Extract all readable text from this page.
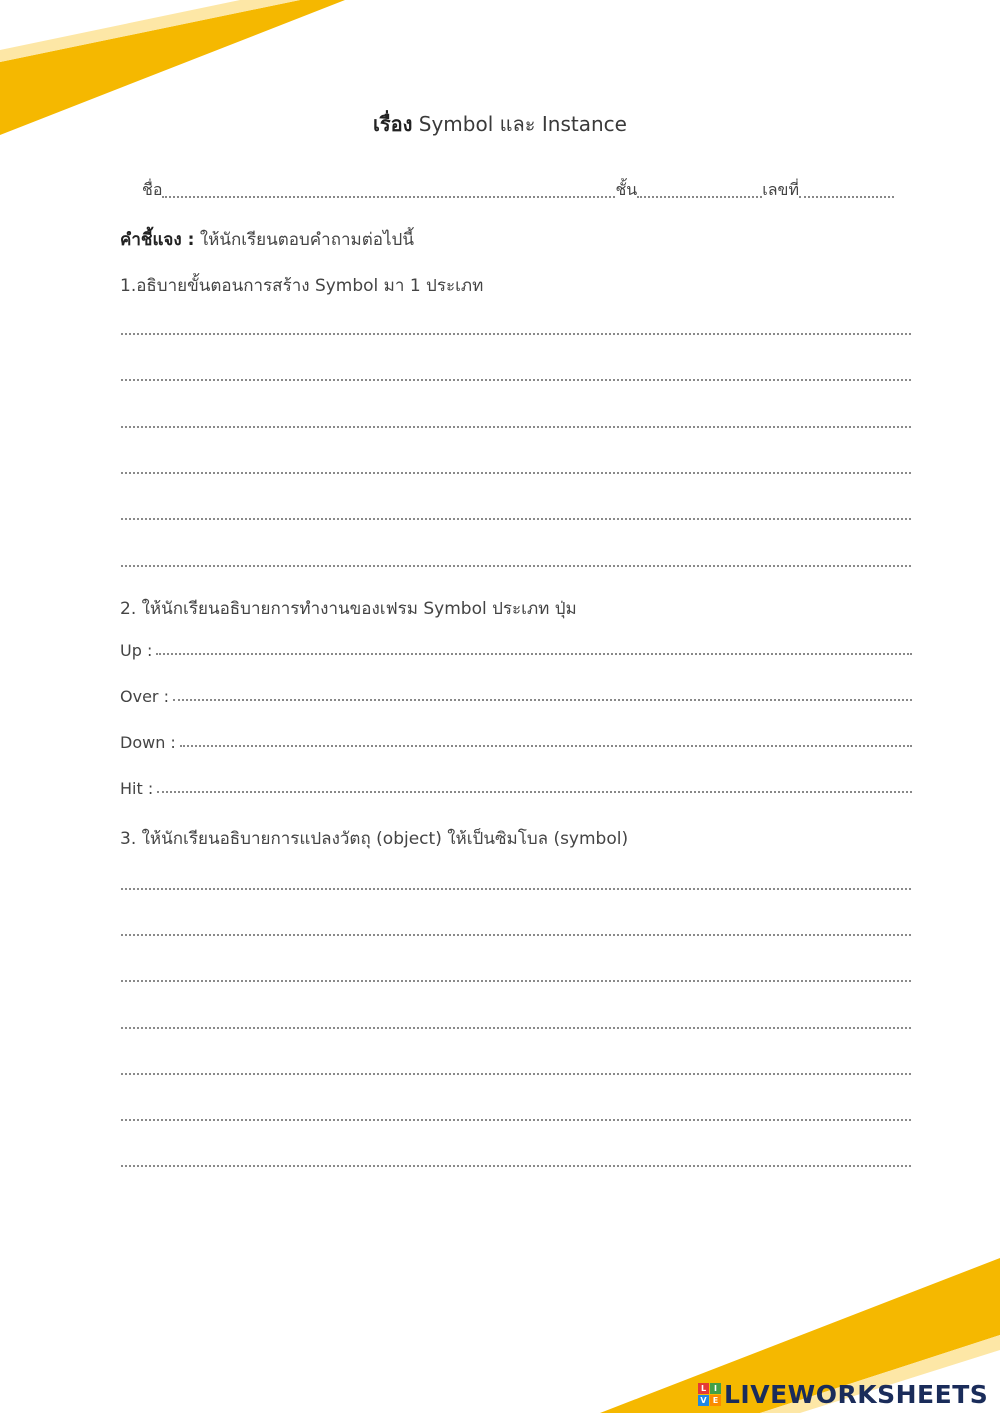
เรื่อง Symbol และ Instance
ชื่อ	ชั้น	เลขที่
คำชี้แจง : ให้นักเรียนตอบคำถามต่อไปนี้
1.อธิบายขั้นตอนการสร้าง Symbol มา 1 ประเภท
2. ให้นักเรียนอธิบายการทำงานของเฟรม Symbol ประเภท ปุ่ม
Up :
Over :
Down :
Hit :
3. ให้นักเรียนอธิบายการแปลงวัตถุ (object) ให้เป็นซิมโบล (symbol)
L I
V E LIVEWORKSHEETS
